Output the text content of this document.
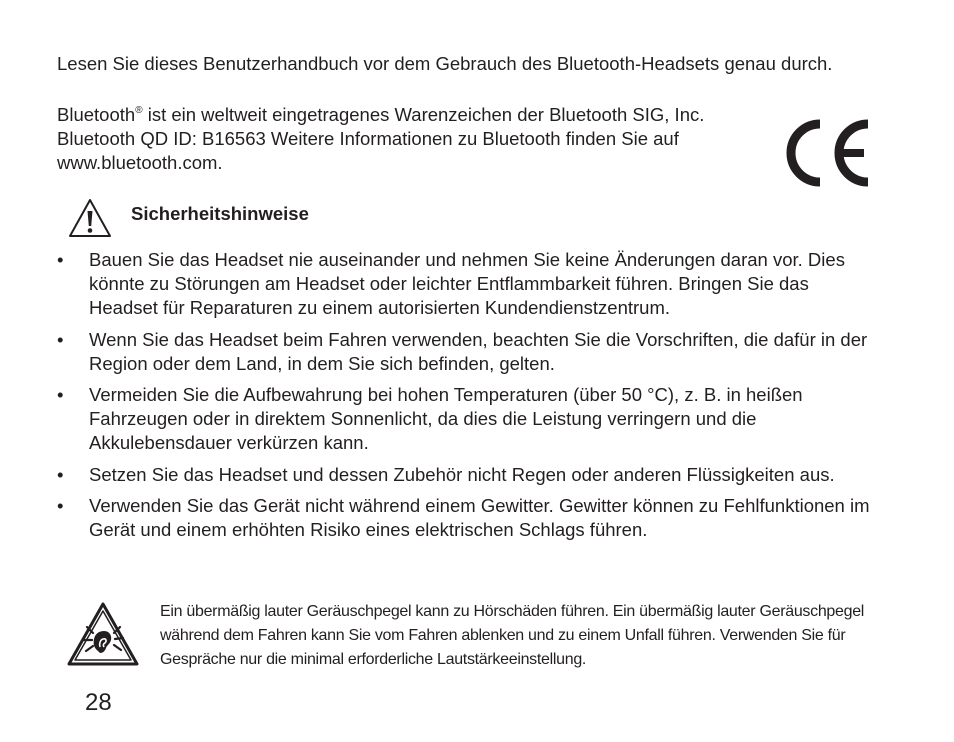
Lesen Sie dieses Benutzerhandbuch vor dem Gebrauch des Bluetooth-Headsets genau durch.

Bluetooth® ist ein weltweit eingetragenes Warenzeichen der Bluetooth SIG, Inc. Bluetooth QD ID: B16563 Weitere Informationen zu Bluetooth finden Sie auf www.bluetooth.com.

Sicherheitshinweise
• Bauen Sie das Headset nie auseinander und nehmen Sie keine Änderungen daran vor. Dies könnte zu Störungen am Headset oder leichter Entflammbarkeit führen. Bringen Sie das Headset für Reparaturen zu einem autorisierten Kundendienstzentrum.
• Wenn Sie das Headset beim Fahren verwenden, beachten Sie die Vorschriften, die dafür in der Region oder dem Land, in dem Sie sich befinden, gelten.
• Vermeiden Sie die Aufbewahrung bei hohen Temperaturen (über 50 °C), z. B. in heißen Fahrzeugen oder in direktem Sonnenlicht, da dies die Leistung verringern und die Akkulebensdauer verkürzen kann.
• Setzen Sie das Headset und dessen Zubehör nicht Regen oder anderen Flüssigkeiten aus.
• Verwenden Sie das Gerät nicht während einem Gewitter. Gewitter können zu Fehlfunktionen im Gerät und einem erhöhten Risiko eines elektrischen Schlags führen.
Ein übermäßig lauter Geräuschpegel kann zu Hörschäden führen. Ein übermäßig lauter Geräuschpegel während dem Fahren kann Sie vom Fahren ablenken und zu einem Unfall führen. Verwenden Sie für Gespräche nur die minimal erforderliche Lautstärkeeinstellung.
28
